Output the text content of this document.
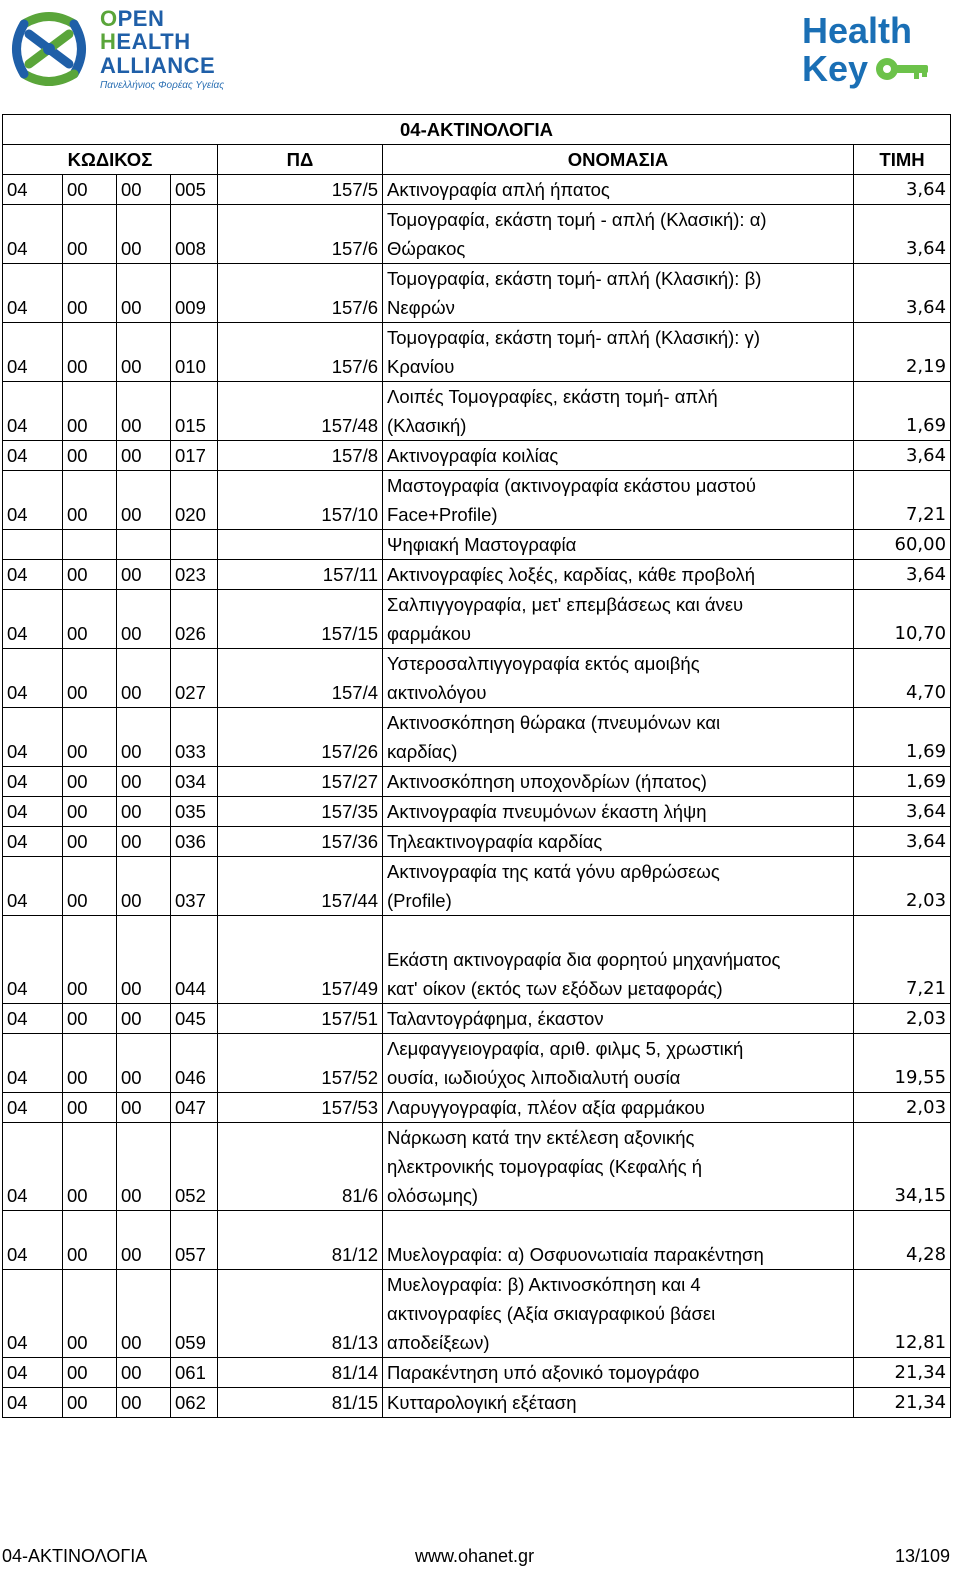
OPEN
HEALTH
ALLIANCE
Πανελλήνιος Φορέας Υγείας
Health
Key
04-ΑΚΤΙΝΟΛΟΓΙΑ						
ΚΩΔΙΚΟΣ				ΠΔ	ΟΝΟΜΑΣΙΑ	ΤΙΜΗ
04	00	00	005	157/5	Ακτινογραφία απλή ήπατος	3,64
04	00	00	008	157/6	Τομογραφία, εκάστη τομή - απλή (Κλασική): α)
Θώρακος	3,64
04	00	00	009	157/6	Τομογραφία, εκάστη τομή- απλή (Κλασική): β)
Νεφρών	3,64
04	00	00	010	157/6	Τομογραφία, εκάστη τομή- απλή (Κλασική): γ)
Κρανίου	2,19
04	00	00	015	157/48	Λοιπές Τομογραφίες, εκάστη τομή- απλή
(Κλασική)	1,69
04	00	00	017	157/8	Ακτινογραφία κοιλίας	3,64
04	00	00	020	157/10	Μαστογραφία (ακτινογραφία εκάστου μαστού
Face+Profile)	7,21
					Ψηφιακή Μαστογραφία	60,00
04	00	00	023	157/11	Ακτινογραφίες λοξές, καρδίας, κάθε προβολή	3,64
04	00	00	026	157/15	Σαλπιγγογραφία, μετ' επεμβάσεως και άνευ
φαρμάκου	10,70
04	00	00	027	157/4	Υστεροσαλπιγγογραφία εκτός αμοιβής
ακτινολόγου	4,70
04	00	00	033	157/26	Ακτινοσκόπηση θώρακα (πνευμόνων και
καρδίας)	1,69
04	00	00	034	157/27	Ακτινοσκόπηση υποχονδρίων (ήπατος)	1,69
04	00	00	035	157/35	Ακτινογραφία πνευμόνων έκαστη λήψη	3,64
04	00	00	036	157/36	Τηλεακτινογραφία καρδίας	3,64
04	00	00	037	157/44	Ακτινογραφία της κατά γόνυ αρθρώσεως
(Profile)	2,03
04	00	00	044	157/49	
Εκάστη ακτινογραφία δια φορητού μηχανήματος
κατ' οίκον (εκτός των εξόδων μεταφοράς)	7,21
04	00	00	045	157/51	Ταλαντογράφημα, έκαστον	2,03
04	00	00	046	157/52	Λεμφαγγειογραφία, αριθ. φιλμς 5, χρωστική
ουσία, ιωδιούχος λιποδιαλυτή ουσία	19,55
04	00	00	047	157/53	Λαρυγγογραφία, πλέον αξία φαρμάκου	2,03
04	00	00	052	81/6	Νάρκωση κατά την εκτέλεση αξονικής
ηλεκτρονικής τομογραφίας (Κεφαλής ή
ολόσωμης)	34,15
04	00	00	057	81/12	
Μυελογραφία: α) Οσφυονωτιαία παρακέντηση	4,28
04	00	00	059	81/13	Μυελογραφία: β) Ακτινοσκόπηση και 4
ακτινογραφίες (Αξία σκιαγραφικού βάσει
αποδείξεων)	12,81
04	00	00	061	81/14	Παρακέντηση υπό αξονικό τομογράφο	21,34
04	00	00	062	81/15	Κυτταρολογική εξέταση	21,34
04-ΑΚΤΙΝΟΛΟΓΙΑ	www.ohanet.gr	13/109
